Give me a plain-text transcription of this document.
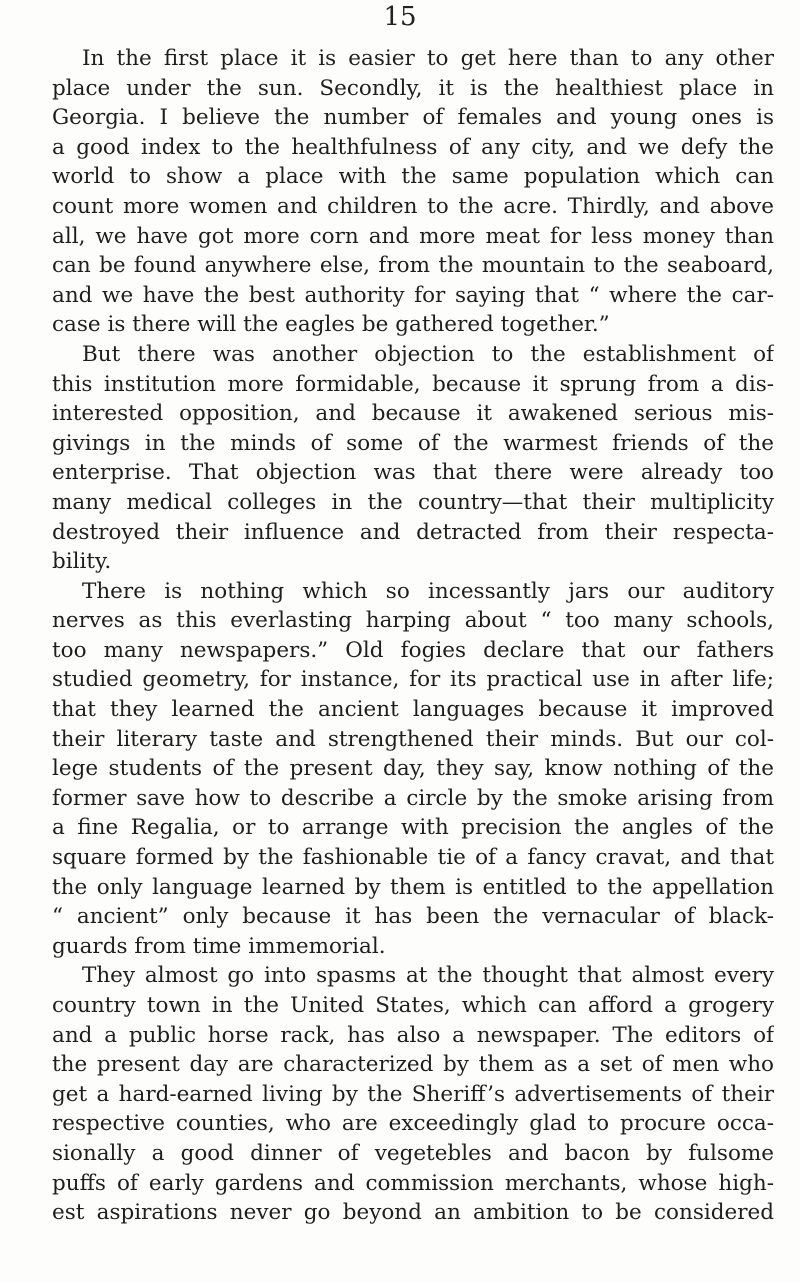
15
In the first place it is easier to get here than to any other
place under the sun. Secondly, it is the healthiest place in
Georgia. I believe the number of females and young ones is
a good index to the healthfulness of any city, and we defy the
world to show a place with the same population which can
count more women and children to the acre. Thirdly, and above
all, we have got more corn and more meat for less money than
can be found anywhere else, from the mountain to the seaboard,
and we have the best authority for saying that “ where the car-
case is there will the eagles be gathered together.”
But there was another objection to the establishment of
this institution more formidable, because it sprung from a dis-
interested opposition, and because it awakened serious mis-
givings in the minds of some of the warmest friends of the
enterprise. That objection was that there were already too
many medical colleges in the country—that their multiplicity
destroyed their influence and detracted from their respecta-
bility.
There is nothing which so incessantly jars our auditory
nerves as this everlasting harping about “ too many schools,
too many newspapers.” Old fogies declare that our fathers
studied geometry, for instance, for its practical use in after life;
that they learned the ancient languages because it improved
their literary taste and strengthened their minds. But our col-
lege students of the present day, they say, know nothing of the
former save how to describe a circle by the smoke arising from
a fine Regalia, or to arrange with precision the angles of the
square formed by the fashionable tie of a fancy cravat, and that
the only language learned by them is entitled to the appellation
“ ancient” only because it has been the vernacular of black-
guards from time immemorial.
They almost go into spasms at the thought that almost every
country town in the United States, which can afford a grogery
and a public horse rack, has also a newspaper. The editors of
the present day are characterized by them as a set of men who
get a hard-earned living by the Sheriff’s advertisements of their
respective counties, who are exceedingly glad to procure occa-
sionally a good dinner of vegetebles and bacon by fulsome
puffs of early gardens and commission merchants, whose high-
est aspirations never go beyond an ambition to be considered
